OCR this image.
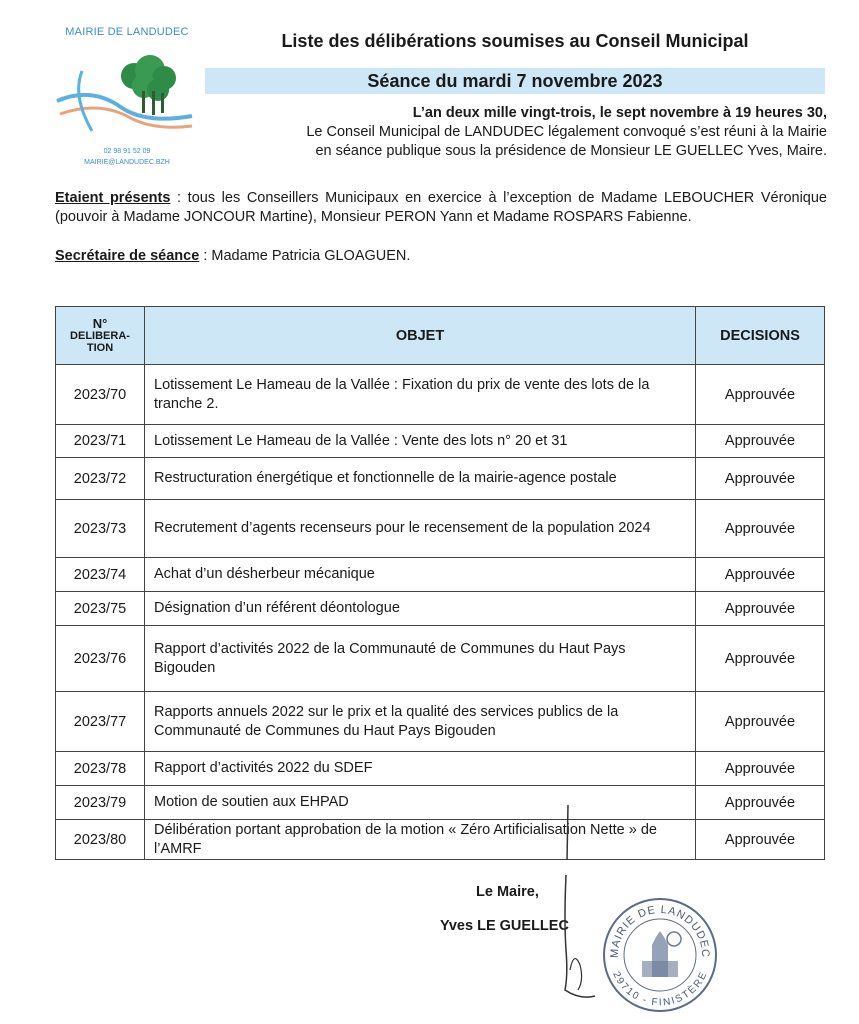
MAIRIE DE LANDUDEC
02 98 91 52 09
MAIRIE@LANDUDEC.BZH
Liste des délibérations soumises au Conseil Municipal
Séance du mardi 7 novembre 2023
L’an deux mille vingt-trois, le sept novembre à 19 heures 30,
Le Conseil Municipal de LANDUDEC légalement convoqué s’est réuni à la Mairie
en séance publique sous la présidence de Monsieur LE GUELLEC Yves, Maire.
Etaient présents : tous les Conseillers Municipaux en exercice à l’exception de Madame LEBOUCHER Véronique (pouvoir à Madame JONCOUR Martine), Monsieur PERON Yann et Madame ROSPARS Fabienne.
Secrétaire de séance : Madame Patricia GLOAGUEN.
N°
DELIBERA-TION	OBJET	DECISIONS
2023/70	Lotissement Le Hameau de la Vallée : Fixation du prix de vente des lots de la tranche 2.	Approuvée
2023/71	Lotissement Le Hameau de la Vallée : Vente des lots n° 20 et 31	Approuvée
2023/72	Restructuration énergétique et fonctionnelle de la mairie-agence postale	Approuvée
2023/73	Recrutement d’agents recenseurs pour le recensement de la population 2024	Approuvée
2023/74	Achat d’un désherbeur mécanique	Approuvée
2023/75	Désignation d’un référent déontologue	Approuvée
2023/76	Rapport d’activités 2022 de la Communauté de Communes du Haut Pays Bigouden	Approuvée
2023/77	Rapports annuels 2022 sur le prix et la qualité des services publics de la Communauté de Communes du Haut Pays Bigouden	Approuvée
2023/78	Rapport d’activités 2022 du SDEF	Approuvée
2023/79	Motion de soutien aux EHPAD	Approuvée
2023/80	Délibération portant approbation de la motion « Zéro Artificialisation Nette » de l’AMRF	Approuvée
Le Maire,
Yves LE GUELLEC
MAIRIE DE LANDUDEC
29710 - FINISTÈRE
